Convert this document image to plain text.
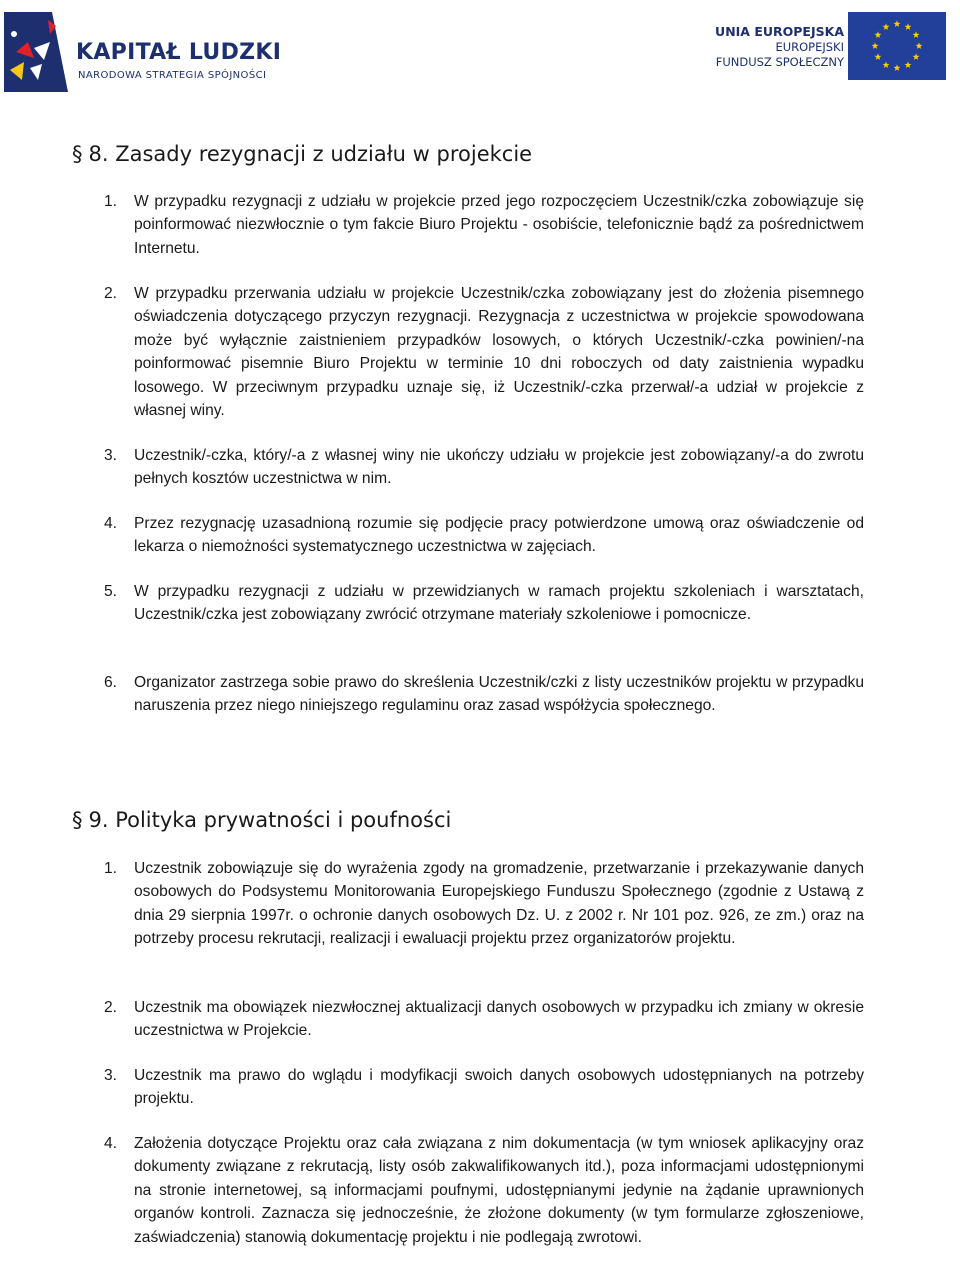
KAPITAŁ LUDZKI
NARODOWA STRATEGIA SPÓJNOŚCI
UNIA EUROPEJSKA
EUROPEJSKI
FUNDUSZ SPOŁECZNY
§ 8. Zasady rezygnacji z udziału w projekcie
1. W przypadku rezygnacji z udziału w projekcie przed jego rozpoczęciem Uczestnik/czka zobowiązuje się poinformować niezwłocznie o tym fakcie Biuro Projektu - osobiście, telefonicznie bądź za pośrednictwem Internetu.
2. W przypadku przerwania udziału w projekcie Uczestnik/czka zobowiązany jest do złożenia pisemnego oświadczenia dotyczącego przyczyn rezygnacji. Rezygnacja z uczestnictwa w projekcie spowodowana może być wyłącznie zaistnieniem przypadków losowych, o których Uczestnik/-czka powinien/-na poinformować pisemnie Biuro Projektu w terminie 10 dni roboczych od daty zaistnienia wypadku losowego. W przeciwnym przypadku uznaje się, iż Uczestnik/-czka przerwał/-a udział w projekcie z własnej winy.
3. Uczestnik/-czka, który/-a z własnej winy nie ukończy udziału w projekcie jest zobowiązany/-a do zwrotu pełnych kosztów uczestnictwa w nim.
4. Przez rezygnację uzasadnioną rozumie się podjęcie pracy potwierdzone umową oraz oświadczenie od lekarza o niemożności systematycznego uczestnictwa w zajęciach.
5. W przypadku rezygnacji z udziału w przewidzianych w ramach projektu szkoleniach i warsztatach, Uczestnik/czka jest zobowiązany zwrócić otrzymane materiały szkoleniowe i pomocnicze.
6. Organizator zastrzega sobie prawo do skreślenia Uczestnik/czki z listy uczestników projektu w przypadku naruszenia przez niego niniejszego regulaminu oraz zasad współżycia społecznego.
§ 9. Polityka prywatności i poufności
1. Uczestnik zobowiązuje się do wyrażenia zgody na gromadzenie, przetwarzanie i przekazywanie danych osobowych do Podsystemu Monitorowania Europejskiego Funduszu Społecznego (zgodnie z Ustawą z dnia 29 sierpnia 1997r. o ochronie danych osobowych Dz. U. z 2002 r. Nr 101 poz. 926, ze zm.) oraz na potrzeby procesu rekrutacji, realizacji i ewaluacji projektu przez organizatorów projektu.
2. Uczestnik ma obowiązek niezwłocznej aktualizacji danych osobowych w przypadku ich zmiany w okresie uczestnictwa w Projekcie.
3. Uczestnik ma prawo do wglądu i modyfikacji swoich danych osobowych udostępnianych na potrzeby projektu.
4. Założenia dotyczące Projektu oraz cała związana z nim dokumentacja (w tym wniosek aplikacyjny oraz dokumenty związane z rekrutacją, listy osób zakwalifikowanych itd.), poza informacjami udostępnionymi na stronie internetowej, są informacjami poufnymi, udostępnianymi jedynie na żądanie uprawnionych organów kontroli. Zaznacza się jednocześnie, że złożone dokumenty (w tym formularze zgłoszeniowe, zaświadczenia) stanowią dokumentację projektu i nie podlegają zwrotowi.
